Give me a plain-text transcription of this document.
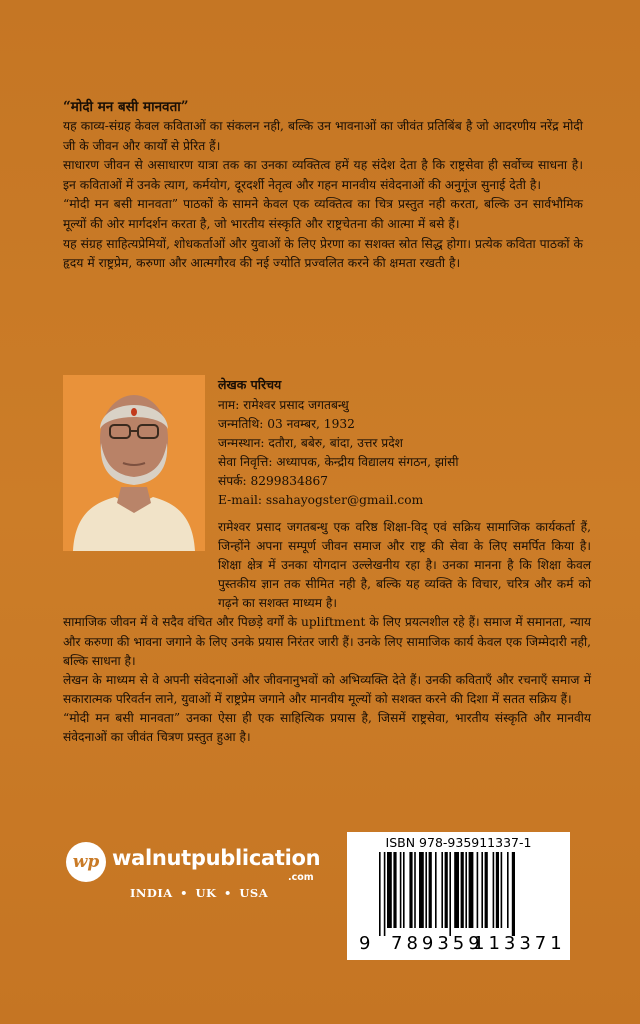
“मोदी मन बसी मानवता”

यह काव्य-संग्रह केवल कविताओं का संकलन नही, बल्कि उन भावनाओं का जीवंत प्रतिबिंब है जो आदरणीय नरेंद्र मोदी जी के जीवन और कार्यों से प्रेरित हैं।

साधारण जीवन से असाधारण यात्रा तक का उनका व्यक्तित्व हमें यह संदेश देता है कि राष्ट्रसेवा ही सर्वोच्च साधना है। इन कविताओं में उनके त्याग, कर्मयोग, दूरदर्शी नेतृत्व और गहन मानवीय संवेदनाओं की अनुगूंज सुनाई देती है।

“मोदी मन बसी मानवता” पाठकों के सामने केवल एक व्यक्तित्व का चित्र प्रस्तुत नही करता, बल्कि उन सार्वभौमिक मूल्यों की ओर मार्गदर्शन करता है, जो भारतीय संस्कृति और राष्ट्रचेतना की आत्मा में बसे हैं।

यह संग्रह साहित्यप्रेमियों, शोधकर्ताओं और युवाओं के लिए प्रेरणा का सशक्त स्रोत सिद्ध होगा। प्रत्येक कविता पाठकों के हृदय में राष्ट्रप्रेम, करुणा और आत्मगौरव की नई ज्योति प्रज्वलित करने की क्षमता रखती है।

लेखक परिचय

नाम: रामेश्वर प्रसाद जगतबन्धु

जन्मतिथि: 03 नवम्बर, 1932

जन्मस्थान: दतौरा, बबेरु, बांदा, उत्तर प्रदेश

सेवा निवृत्ति: अध्यापक, केन्द्रीय विद्यालय संगठन, झांसी

संपर्क: 8299834867

E-mail: ssahayogster@gmail.com

रामेश्वर प्रसाद जगतबन्धु एक वरिष्ठ शिक्षा-विद् एवं सक्रिय सामाजिक कार्यकर्ता हैं, जिन्होंने अपना सम्पूर्ण जीवन समाज और राष्ट्र की सेवा के लिए समर्पित किया है। शिक्षा क्षेत्र में उनका योगदान उल्लेखनीय रहा है। उनका मानना है कि शिक्षा केवल पुस्तकीय ज्ञान तक सीमित नही है, बल्कि यह व्यक्ति के विचार, चरित्र और कर्म को गढ़ने का सशक्त माध्यम है।

सामाजिक जीवन में वे सदैव वंचित और पिछड़े वर्गों के upliftment के लिए प्रयत्नशील रहे हैं। समाज में समानता, न्याय और करुणा की भावना जगाने के लिए उनके प्रयास निरंतर जारी हैं। उनके लिए सामाजिक कार्य केवल एक जिम्मेदारी नही, बल्कि साधना है।

लेखन के माध्यम से वे अपनी संवेदनाओं और जीवनानुभवों को अभिव्यक्ति देते हैं। उनकी कविताएँ और रचनाएँ समाज में सकारात्मक परिवर्तन लाने, युवाओं में राष्ट्रप्रेम जगाने और मानवीय मूल्यों को सशक्त करने की दिशा में सतत सक्रिय हैं।

“मोदी मन बसी मानवता” उनका ऐसा ही एक साहित्यिक प्रयास है, जिसमें राष्ट्रसेवा, भारतीय संस्कृति और मानवीय संवेदनाओं का जीवंत चित्रण प्रस्तुत हुआ है।

wp walnutpublication
.com
INDIA • UK • USA
ISBN 978-935911337-1
9 789359
113371
